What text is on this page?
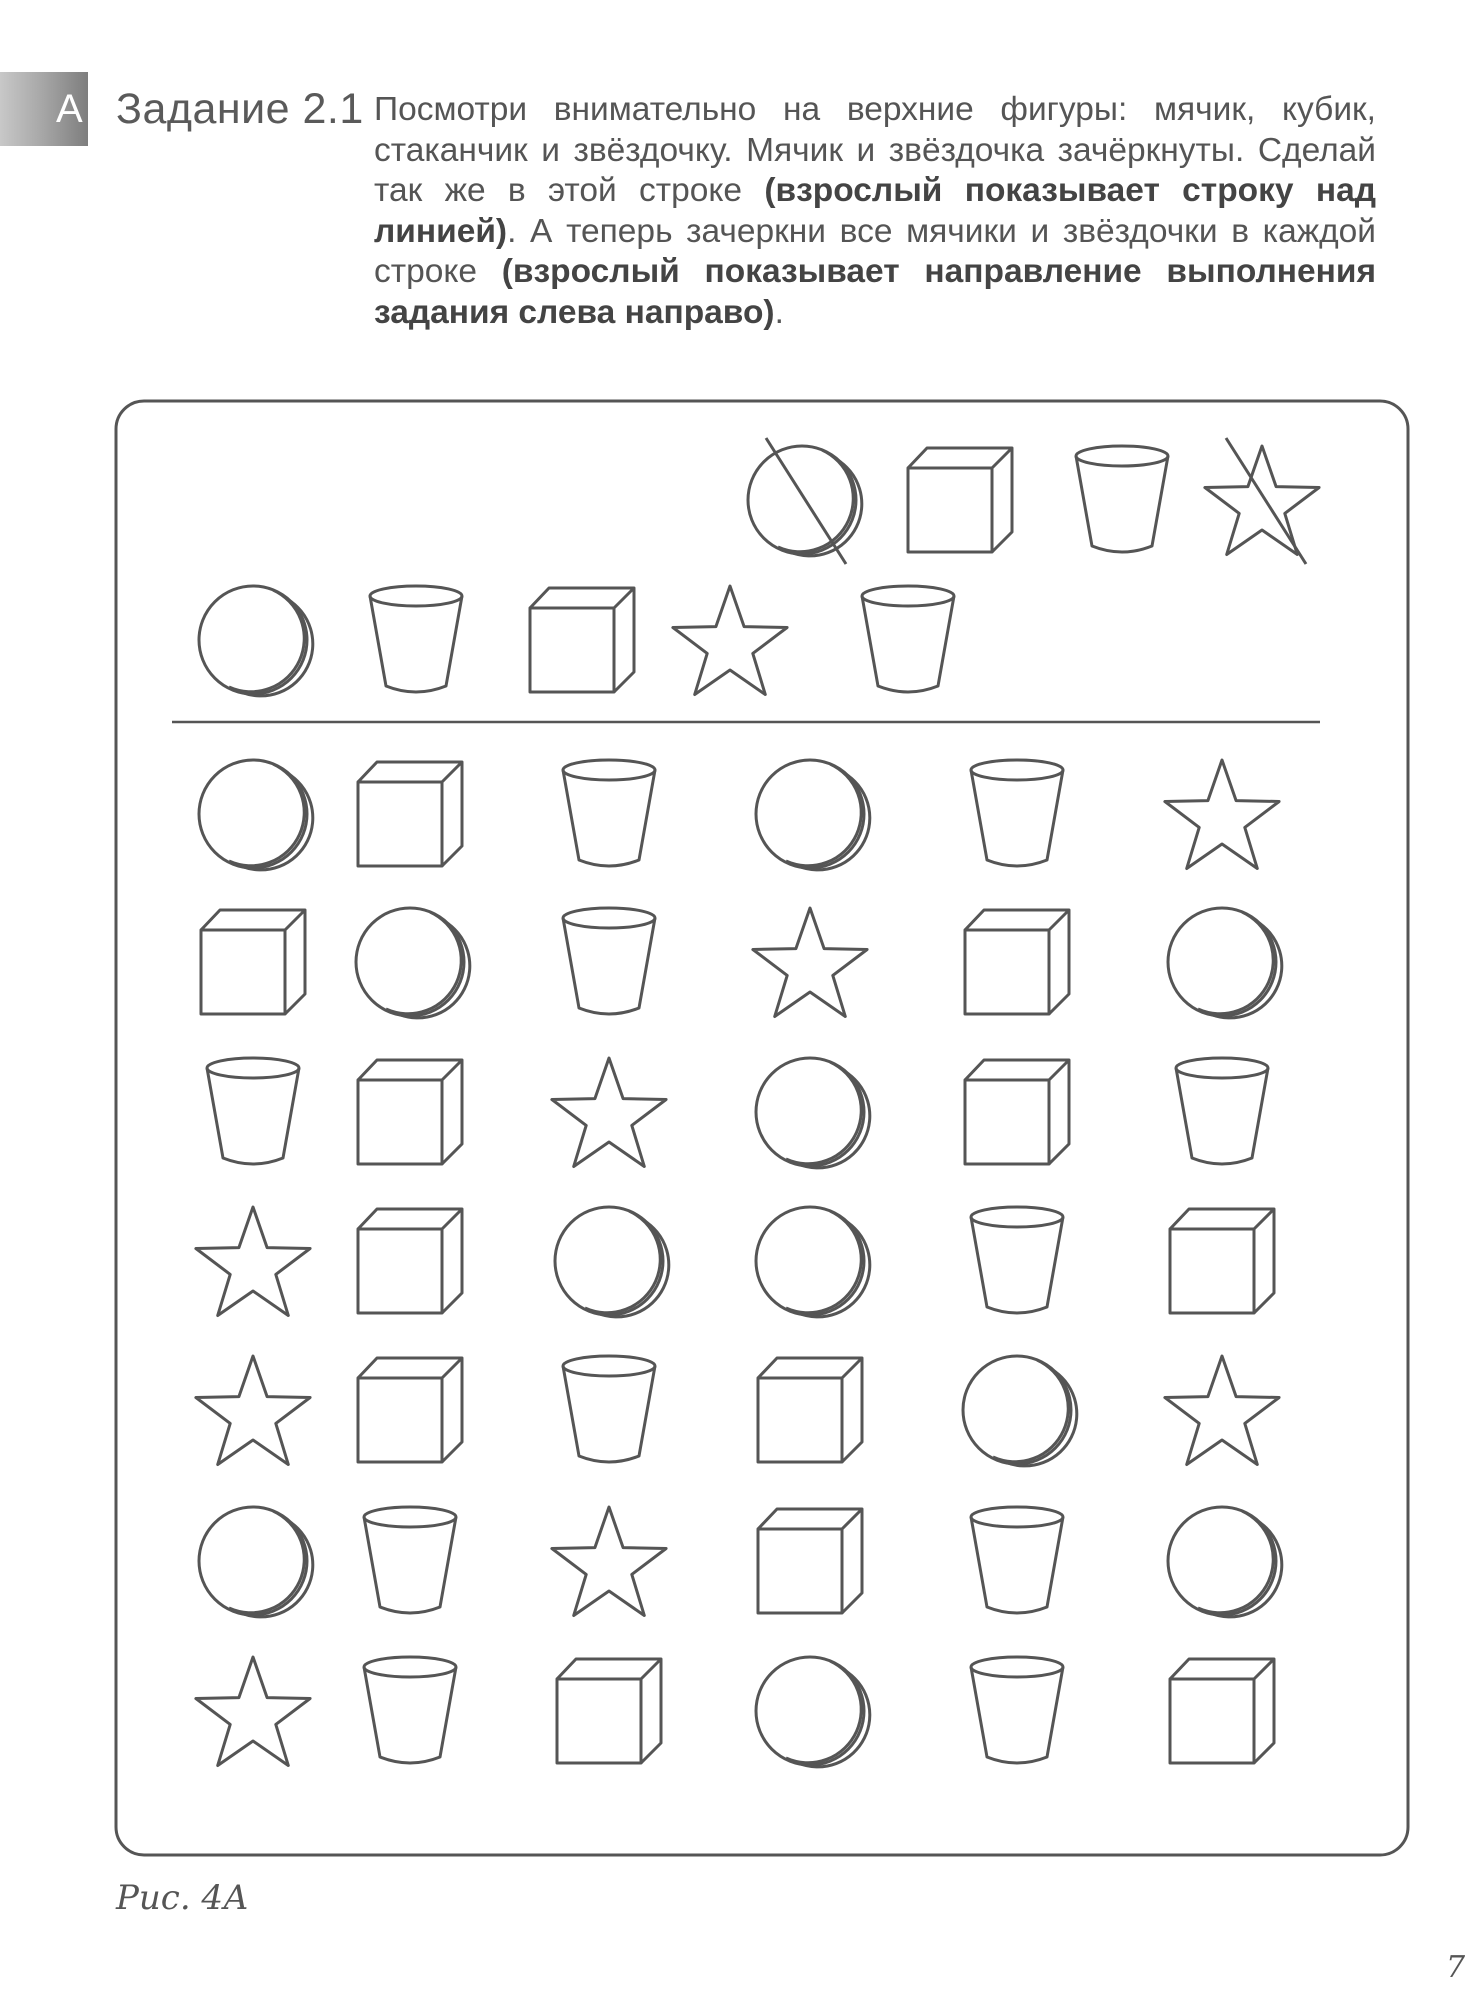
А Задание 2.1 Посмотри внимательно на верхние фигуры: мячик, кубик, стаканчик и звёздочку. Мячик и звёздочка зачёркнуты. Сделай так же в этой строке (взрослый показывает строку над линией). А теперь зачеркни все мячики и звёздочки в каждой строке (взрослый показывает направление выполнения задания слева направо).
Рис. 4А
7
